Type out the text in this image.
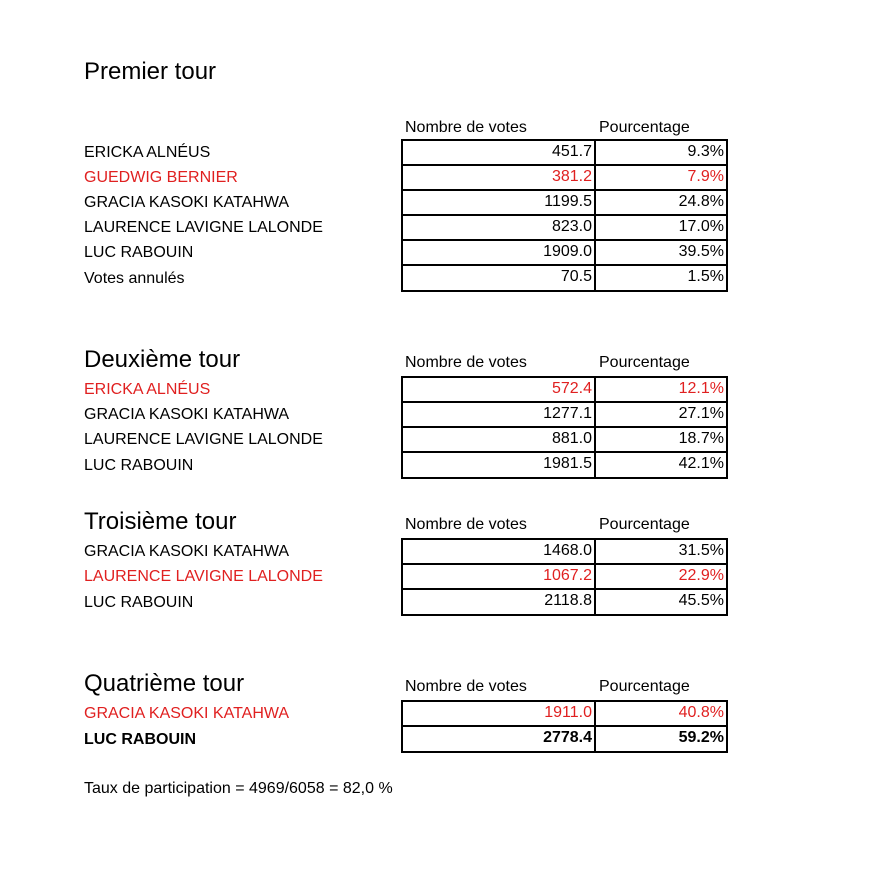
Premier tour
Nombre de votes	Pourcentage
ERICKA ALNÉUS	451.7	9.3%
GUEDWIG BERNIER	381.2	7.9%
GRACIA KASOKI KATAHWA	1199.5	24.8%
LAURENCE LAVIGNE LALONDE	823.0	17.0%
LUC RABOUIN	1909.0	39.5%
Votes annulés	70.5	1.5%
Deuxième tour	Nombre de votes	Pourcentage
ERICKA ALNÉUS	572.4	12.1%
GRACIA KASOKI KATAHWA	1277.1	27.1%
LAURENCE LAVIGNE LALONDE	881.0	18.7%
LUC RABOUIN	1981.5	42.1%
Troisième tour	Nombre de votes	Pourcentage
GRACIA KASOKI KATAHWA	1468.0	31.5%
LAURENCE LAVIGNE LALONDE	1067.2	22.9%
LUC RABOUIN	2118.8	45.5%
Quatrième tour	Nombre de votes	Pourcentage
GRACIA KASOKI KATAHWA	1911.0	40.8%
LUC RABOUIN	2778.4	59.2%
Taux de participation = 4969/6058 = 82,0 %
